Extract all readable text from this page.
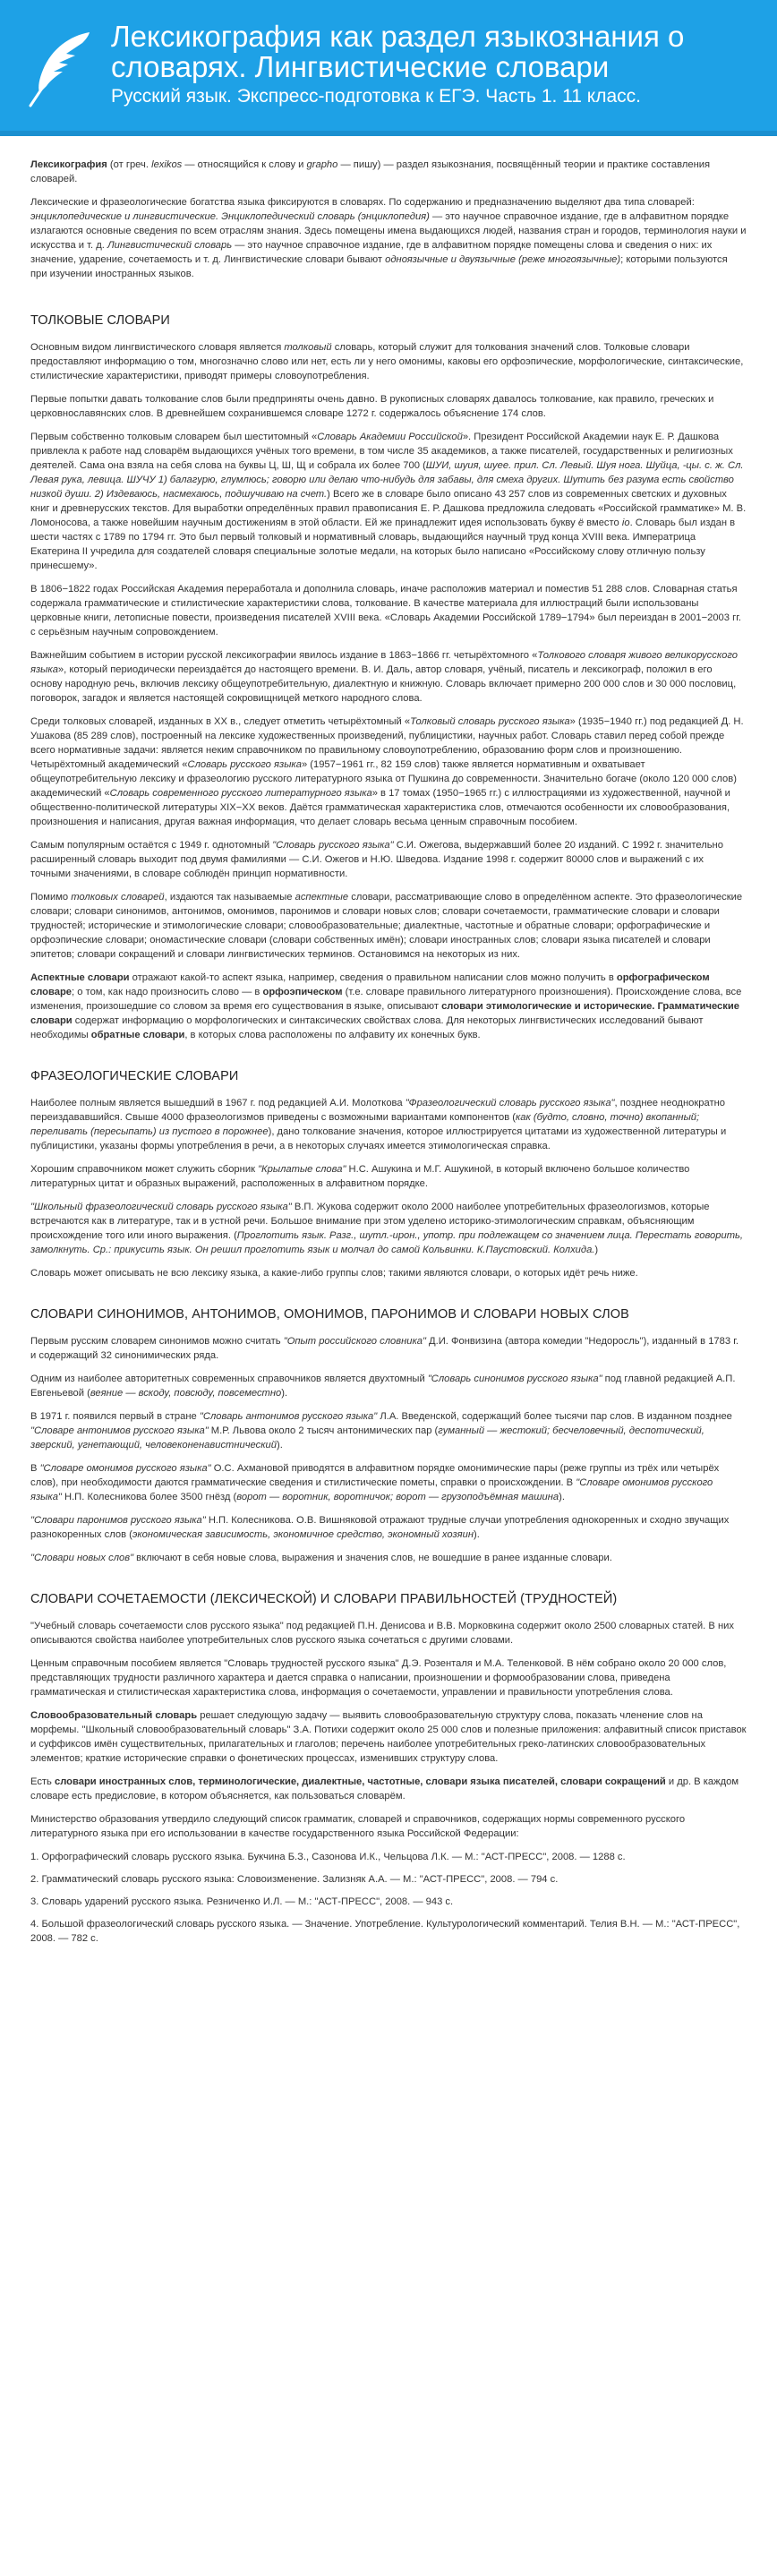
Лексикография как раздел языкознания о словарях. Лингвистические словари
Русский язык. Экспресс-подготовка к ЕГЭ. Часть 1. 11 класс.

Лексикография (от греч. lexikos — относящийся к слову и grapho — пишу) — раздел языкознания, посвящённый теории и практике составления словарей.

Лексические и фразеологические богатства языка фиксируются в словарях. По содержанию и предназначению выделяют два типа словарей: энциклопедические и лингвистические. Энциклопедический словарь (энциклопедия) — это научное справочное издание, где в алфавитном порядке излагаются основные сведения по всем отраслям знания. Здесь помещены имена выдающихся людей, названия стран и городов, терминология науки и искусства и т. д. Лингвистический словарь — это научное справочное издание, где в алфавитном порядке помещены слова и сведения о них: их значение, ударение, сочетаемость и т. д. Лингвистические словари бывают одноязычные и двуязычные (реже многоязычные); которыми пользуются при изучении иностранных языков.

ТОЛКОВЫЕ СЛОВАРИ

Основным видом лингвистического словаря является толковый словарь, который служит для толкования значений слов. Толковые словари предоставляют информацию о том, многозначно слово или нет, есть ли у него омонимы, каковы его орфоэпические, морфологические, синтаксические, стилистические характеристики, приводят примеры словоупотребления.

Первые попытки давать толкование слов были предприняты очень давно. В рукописных словарях давалось толкование, как правило, греческих и церковнославянских слов. В древнейшем сохранившемся словаре 1272 г. содержалось объяснение 174 слов.

Первым собственно толковым словарем был шеститомный «Словарь Академии Российской». Президент Российской Академии наук Е. Р. Дашкова привлекла к работе над словарём выдающихся учёных того времени, в том числе 35 академиков, а также писателей, государственных и религиозных деятелей. Сама она взяла на себя слова на буквы Ц, Ш, Щ и собрала их более 700 (ШУИ, шуия, шуее. прил. Сл. Левый. Шуя нога. Шуйца, -цы. с. ж. Сл. Левая рука, левица. ШУЧУ 1) балагурю, глумлюсь; говорю или делаю что-нибудь для забавы, для смеха других. Шутить без разума есть свойство низкой души. 2) Издеваюсь, насмехаюсь, подшучиваю на счет.) Всего же в словаре было описано 43 257 слов из современных светских и духовных книг и древнерусских текстов. Для выработки определённых правил правописания Е. Р. Дашкова предложила следовать «Российской грамматике» М. В. Ломоносова, а также новейшим научным достижениям в этой области. Ей же принадлежит идея использовать букву ё вместо io. Словарь был издан в шести частях с 1789 по 1794 гг. Это был первый толковый и нормативный словарь, выдающийся научный труд конца XVIII века. Императрица Екатерина II учредила для создателей словаря специальные золотые медали, на которых было написано «Российскому слову отличную пользу принесшему».

В 1806−1822 годах Российская Академия переработала и дополнила словарь, иначе расположив материал и поместив 51 288 слов. Словарная статья содержала грамматические и стилистические характеристики слова, толкование. В качестве материала для иллюстраций были использованы церковные книги, летописные повести, произведения писателей XVIII века. «Словарь Академии Российской 1789−1794» был переиздан в 2001−2003 гг. с серьёзным научным сопровождением.

Важнейшим событием в истории русской лексикографии явилось издание в 1863−1866 гг. четырёхтомного «Толкового словаря живого великорусского языка», который периодически переиздаётся до настоящего времени. В. И. Даль, автор словаря, учёный, писатель и лексикограф, положил в его основу народную речь, включив лексику общеупотребительную, диалектную и книжную. Словарь включает примерно 200 000 слов и 30 000 пословиц, поговорок, загадок и является настоящей сокровищницей меткого народного слова.

Среди толковых словарей, изданных в XX в., следует отметить четырёхтомный «Толковый словарь русского языка» (1935−1940 гг.) под редакцией Д. Н. Ушакова (85 289 слов), построенный на лексике художественных произведений, публицистики, научных работ. Словарь ставил перед собой прежде всего нормативные задачи: является неким справочником по правильному словоупотреблению, образованию форм слов и произношению. Четырёхтомный академический «Словарь русского языка» (1957−1961 гг., 82 159 слов) также является нормативным и охватывает общеупотребительную лексику и фразеологию русского литературного языка от Пушкина до современности. Значительно богаче (около 120 000 слов) академический «Словарь современного русского литературного языка» в 17 томах (1950−1965 гг.) с иллюстрациями из художественной, научной и общественно-политической литературы XIX−XX веков. Даётся грамматическая характеристика слов, отмечаются особенности их словообразования, произношения и написания, другая важная информация, что делает словарь весьма ценным справочным пособием.

Самым популярным остаётся с 1949 г. однотомный "Словарь русского языка" С.И. Ожегова, выдержавший более 20 изданий. С 1992 г. значительно расширенный словарь выходит под двумя фамилиями — С.И. Ожегов и Н.Ю. Шведова. Издание 1998 г. содержит 80000 слов и выражений с их точными значениями, в словаре соблюдён принцип нормативности.

Помимо толковых словарей, издаются так называемые аспектные словари, рассматривающие слово в определённом аспекте. Это фразеологические словари; словари синонимов, антонимов, омонимов, паронимов и словари новых слов; словари сочетаемости, грамматические словари и словари трудностей; исторические и этимологические словари; словообразовательные; диалектные, частотные и обратные словари; орфографические и орфоэпические словари; ономастические словари (словари собственных имён); словари иностранных слов; словари языка писателей и словари эпитетов; словари сокращений и словари лингвистических терминов. Остановимся на некоторых из них.

Аспектные словари отражают какой-то аспект языка, например, сведения о правильном написании слов можно получить в орфографическом словаре; о том, как надо произносить слово — в орфоэпическом (т.е. словаре правильного литературного произношения). Происхождение слова, все изменения, произошедшие со словом за время его существования в языке, описывают словари этимологические и исторические. Грамматические словари содержат информацию о морфологических и синтаксических свойствах слова. Для некоторых лингвистических исследований бывают необходимы обратные словари, в которых слова расположены по алфавиту их конечных букв.

ФРАЗЕОЛОГИЧЕСКИЕ СЛОВАРИ

Наиболее полным является вышедший в 1967 г. под редакцией А.И. Молоткова "Фразеологический словарь русского языка", позднее неоднократно переиздававшийся. Свыше 4000 фразеологизмов приведены с возможными вариантами компонентов (как (будто, словно, точно) вкопанный; переливать (пересыпать) из пустого в порожнее), дано толкование значения, которое иллюстрируется цитатами из художественной литературы и публицистики, указаны формы употребления в речи, а в некоторых случаях имеется этимологическая справка.

Хорошим справочником может служить сборник "Крылатые слова" Н.С. Ашукина и М.Г. Ашукиной, в который включено большое количество литературных цитат и образных выражений, расположенных в алфавитном порядке.

"Школьный фразеологический словарь русского языка" В.П. Жукова содержит около 2000 наиболее употребительных фразеологизмов, которые встречаются как в литературе, так и в устной речи. Большое внимание при этом уделено историко-этимологическим справкам, объясняющим происхождение того или иного выражения. (Проглотить язык. Разг., шутл.-ирон., употр. при подлежащем со значением лица. Перестать говорить, замолкнуть. Ср.: прикусить язык. Он решил проглотить язык и молчал до самой Кольвинки. К.Паустовский. Колхида.)

Словарь может описывать не всю лексику языка, а какие-либо группы слов; такими являются словари, о которых идёт речь ниже.

СЛОВАРИ СИНОНИМОВ, АНТОНИМОВ, ОМОНИМОВ, ПАРОНИМОВ И СЛОВАРИ НОВЫХ СЛОВ

Первым русским словарем синонимов можно считать "Опыт российского словника" Д.И. Фонвизина (автора комедии "Недоросль"), изданный в 1783 г. и содержащий 32 синонимических ряда.

Одним из наиболее авторитетных современных справочников является двухтомный "Словарь синонимов русского языка" под главной редакцией А.П. Евгеньевой (веяние — вскоду, повсюду, повсеместно).

В 1971 г. появился первый в стране "Словарь антонимов русского языка" Л.А. Введенской, содержащий более тысячи пар слов. В изданном позднее "Словаре антонимов русского языка" М.Р. Львова около 2 тысяч антонимических пар (гуманный — жестокий; бесчеловечный, деспотический, зверский, угнетающий, человеконенавистнический).

В "Словаре омонимов русского языка" О.С. Ахмановой приводятся в алфавитном порядке омонимические пары (реже группы из трёх или четырёх слов), при необходимости даются грамматические сведения и стилистические пометы, справки о происхождении. В "Словаре омонимов русского языка" Н.П. Колесникова более 3500 гнёзд (ворот — воротник, воротничок; ворот — грузоподъёмная машина).

"Словари паронимов русского языка" Н.П. Колесникова. О.В. Вишняковой отражают трудные случаи употребления однокоренных и сходно звучащих разнокоренных слов (экономическая зависимость, экономичное средство, экономный хозяин).

"Словари новых слов" включают в себя новые слова, выражения и значения слов, не вошедшие в ранее изданные словари.

СЛОВАРИ СОЧЕТАЕМОСТИ (ЛЕКСИЧЕСКОЙ) И СЛОВАРИ ПРАВИЛЬНОСТЕЙ (ТРУДНОСТЕЙ)

"Учебный словарь сочетаемости слов русского языка" под редакцией П.Н. Денисова и В.В. Морковкина содержит около 2500 словарных статей. В них описываются свойства наиболее употребительных слов русского языка сочетаться с другими словами.

Ценным справочным пособием является "Словарь трудностей русского языка" Д.Э. Розенталя и М.А. Теленковой. В нём собрано около 20 000 слов, представляющих трудности различного характера и дается справка о написании, произношении и формообразовании слова, приведена грамматическая и стилистическая характеристика слова, информация о сочетаемости, управлении и правильности употребления слова.

Словообразовательный словарь решает следующую задачу — выявить словообразовательную структуру слова, показать членение слов на морфемы. "Школьный словообразовательный словарь" З.А. Потихи содержит около 25 000 слов и полезные приложения: алфавитный список приставок и суффиксов имён существительных, прилагательных и глаголов; перечень наиболее употребительных греко-латинских словообразовательных элементов; краткие исторические справки о фонетических процессах, изменивших структуру слова.

Есть словари иностранных слов, терминологические, диалектные, частотные, словари языка писателей, словари сокращений и др. В каждом словаре есть предисловие, в котором объясняется, как пользоваться словарём.

Министерство образования утвердило следующий список грамматик, словарей и справочников, содержащих нормы современного русского литературного языка при его использовании в качестве государственного языка Российской Федерации:

1. Орфографический словарь русского языка. Букчина Б.З., Сазонова И.К., Чельцова Л.К. — М.: "АСТ-ПРЕСС", 2008. — 1288 с.
2. Грамматический словарь русского языка: Словоизменение. Зализняк А.А. — М.: "АСТ-ПРЕСС", 2008. — 794 с.
3. Словарь ударений русского языка. Резниченко И.Л. — М.: "АСТ-ПРЕСС", 2008. — 943 с.
4. Большой фразеологический словарь русского языка. — Значение. Употребление. Культурологический комментарий. Телия В.Н. — М.: "АСТ-ПРЕСС", 2008. — 782 с.
